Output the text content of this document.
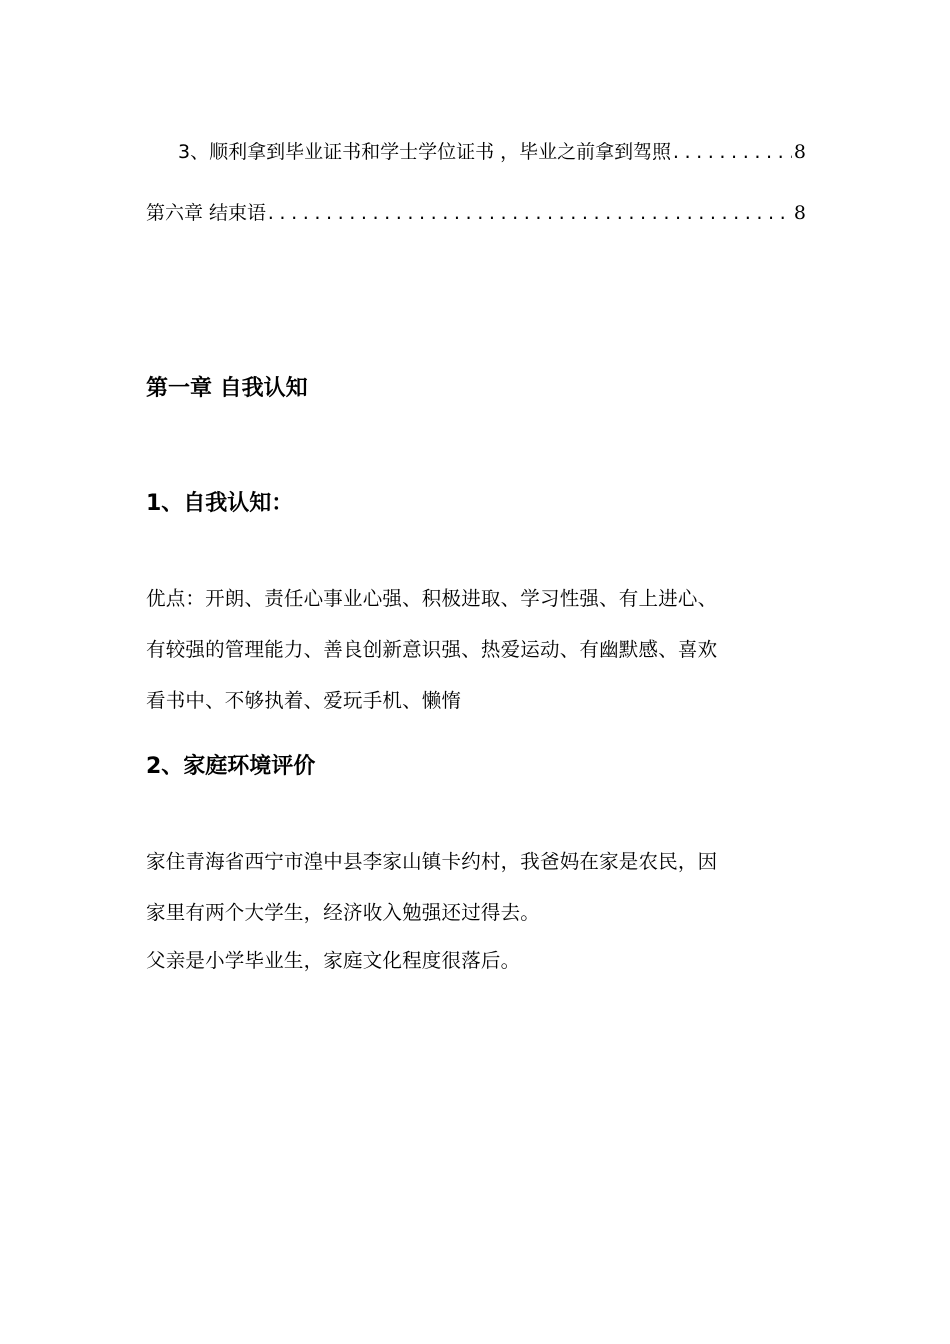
3、顺利拿到毕业证书和学士学位证书 ，毕业之前拿到驾照 .....	8
第六章 结束语 .....	8
第一章 自我认知
1、自我认知：
优点：开朗、责任心事业心强、积极进取、学习性强、有上进心、
有较强的管理能力、善良创新意识强、热爱运动、有幽默感、喜欢
看书中、不够执着、爱玩手机、懒惰
2、家庭环境评价
家住青海省西宁市湟中县李家山镇卡约村，我爸妈在家是农民，因
家里有两个大学生，经济收入勉强还过得去。
父亲是小学毕业生，家庭文化程度很落后。
